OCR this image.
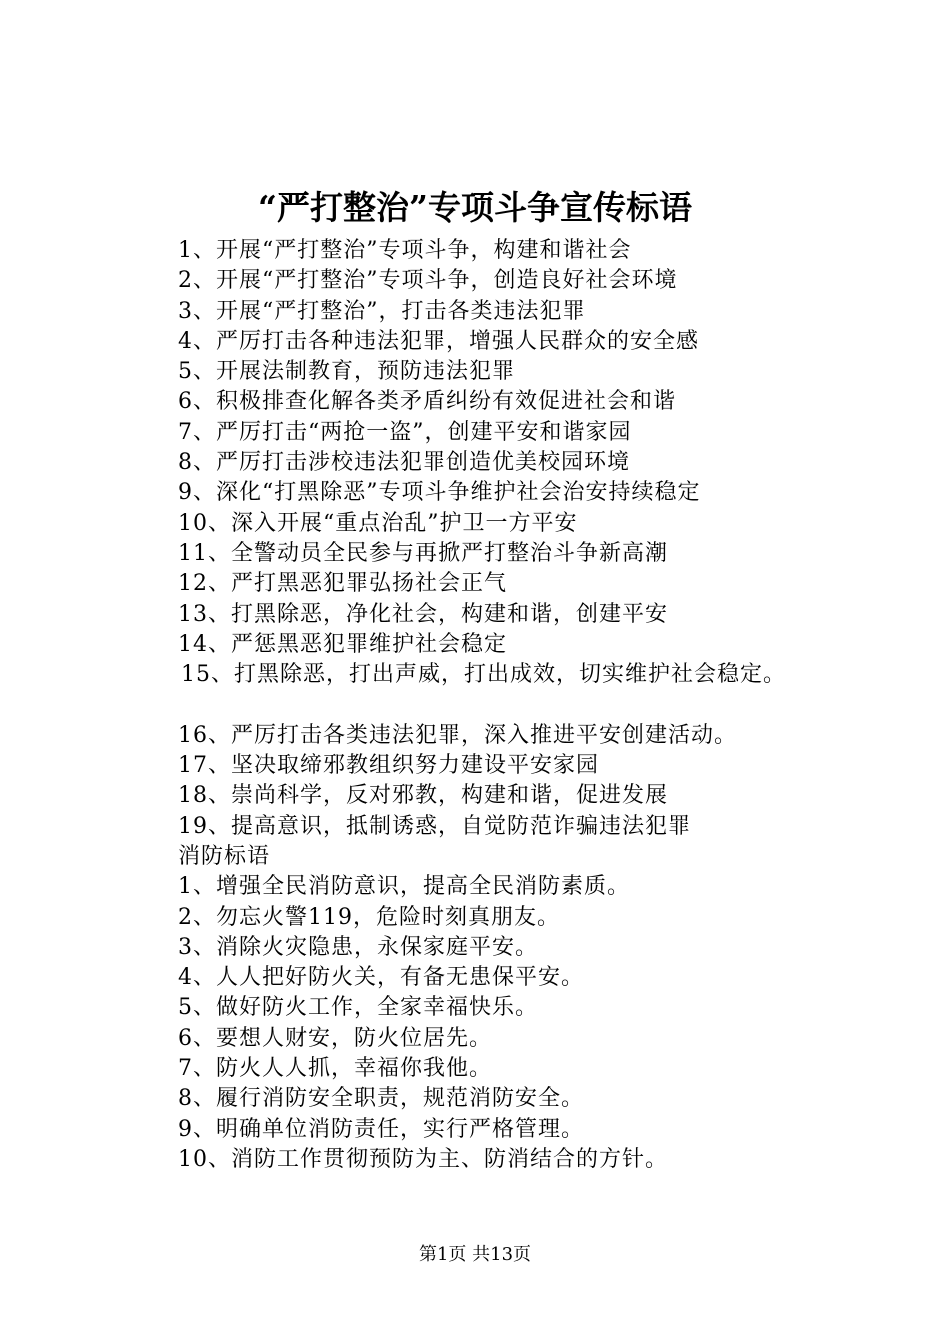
“严打整治”专项斗争宣传标语
1、开展“严打整治”专项斗争，构建和谐社会
2、开展“严打整治”专项斗争，创造良好社会环境
3、开展“严打整治”，打击各类违法犯罪
4、严厉打击各种违法犯罪，增强人民群众的安全感
5、开展法制教育，预防违法犯罪
6、积极排查化解各类矛盾纠纷有效促进社会和谐
7、严厉打击“两抢一盗”，创建平安和谐家园
8、严厉打击涉校违法犯罪创造优美校园环境
9、深化“打黑除恶”专项斗争维护社会治安持续稳定
10、深入开展“重点治乱”护卫一方平安
11、全警动员全民参与再掀严打整治斗争新高潮
12、严打黑恶犯罪弘扬社会正气
13、打黑除恶，净化社会，构建和谐，创建平安
14、严惩黑恶犯罪维护社会稳定
15、打黑除恶，打出声威，打出成效，切实维护社会稳定。
16、严厉打击各类违法犯罪，深入推进平安创建活动。
17、坚决取缔邪教组织努力建设平安家园
18、崇尚科学，反对邪教，构建和谐，促进发展
19、提高意识，抵制诱惑，自觉防范诈骗违法犯罪
消防标语
1、增强全民消防意识，提高全民消防素质。
2、勿忘火警119，危险时刻真朋友。
3、消除火灾隐患，永保家庭平安。
4、人人把好防火关，有备无患保平安。
5、做好防火工作，全家幸福快乐。
6、要想人财安，防火位居先。
7、防火人人抓，幸福你我他。
8、履行消防安全职责，规范消防安全。
9、明确单位消防责任，实行严格管理。
10、消防工作贯彻预防为主、防消结合的方针。
第1页 共13页
